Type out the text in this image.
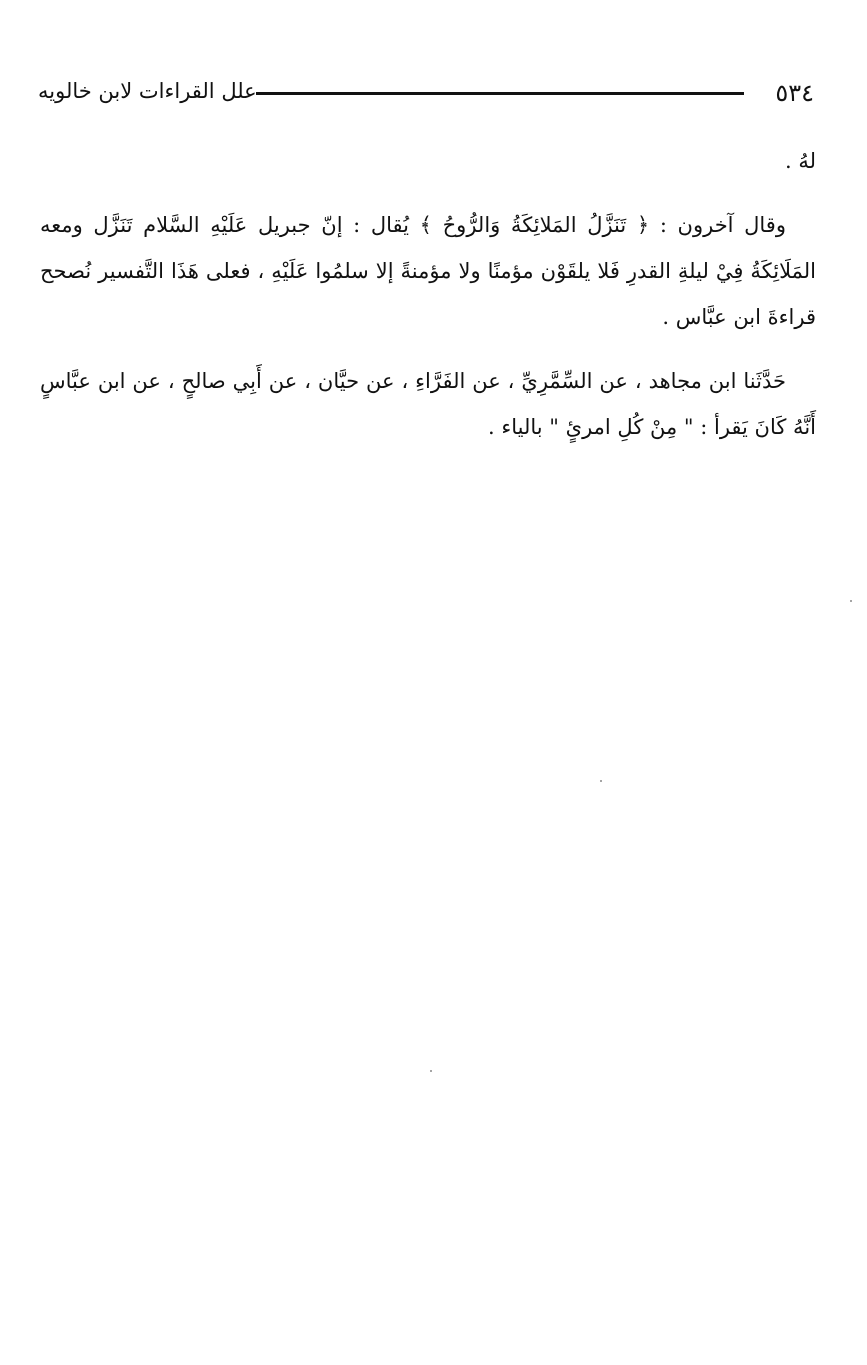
٥٣٤
علل القراءات لابن خالويه

لهُ .

وقال آخرون : ﴿ تَنَزَّلُ المَلائِكَةُ وَالرُّوحُ ﴾ يُقال : إنّ جبريل عَلَيْهِ السَّلام تَنَزَّل ومعه المَلَائِكَةُ فِيْ ليلةِ القدرِ فَلا يلقَوْن مؤمنًا ولا مؤمنةً إلا سلمُوا عَلَيْهِ ، فعلى هَذَا التَّفسير نُصحح قراءةَ ابن عبَّاس .

حَدَّثَنا ابن مجاهد ، عن السِّمَّرِيِّ ، عن الفَرَّاءِ ، عن حيَّان ، عن أَبِي صالحٍ ، عن ابن عبَّاسٍ أَنَّهُ كَانَ يَقرأ : " مِنْ كُلِ امرئٍ " بالياء .
